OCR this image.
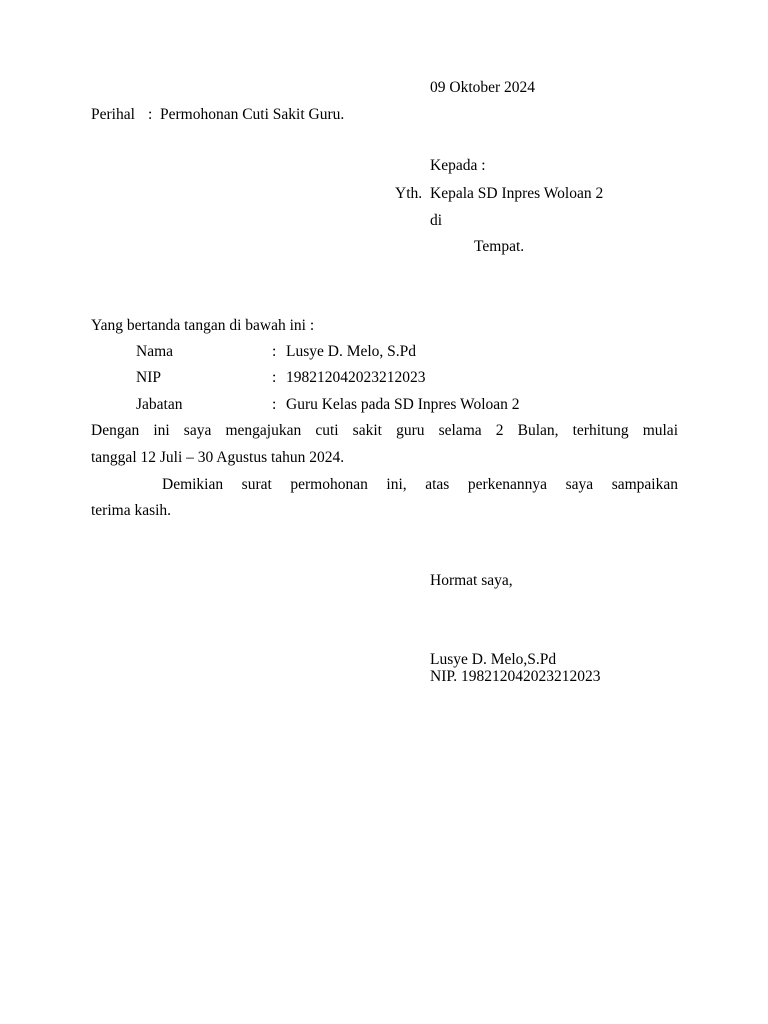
09 Oktober 2024
Perihal : Permohonan Cuti Sakit Guru.
Kepada :
Yth. Kepala SD Inpres Woloan 2
di
Tempat.
Yang bertanda tangan di bawah ini :
Nama	: Lusye D. Melo, S.Pd
NIP	: 198212042023212023
Jabatan	: Guru Kelas pada SD Inpres Woloan 2
Dengan ini saya mengajukan cuti sakit guru selama 2 Bulan, terhitung mulai
tanggal 12 Juli – 30 Agustus tahun 2024.
Demikian surat permohonan ini, atas perkenannya saya sampaikan
terima kasih.
Hormat saya,
Lusye D. Melo,S.Pd
NIP. 198212042023212023
